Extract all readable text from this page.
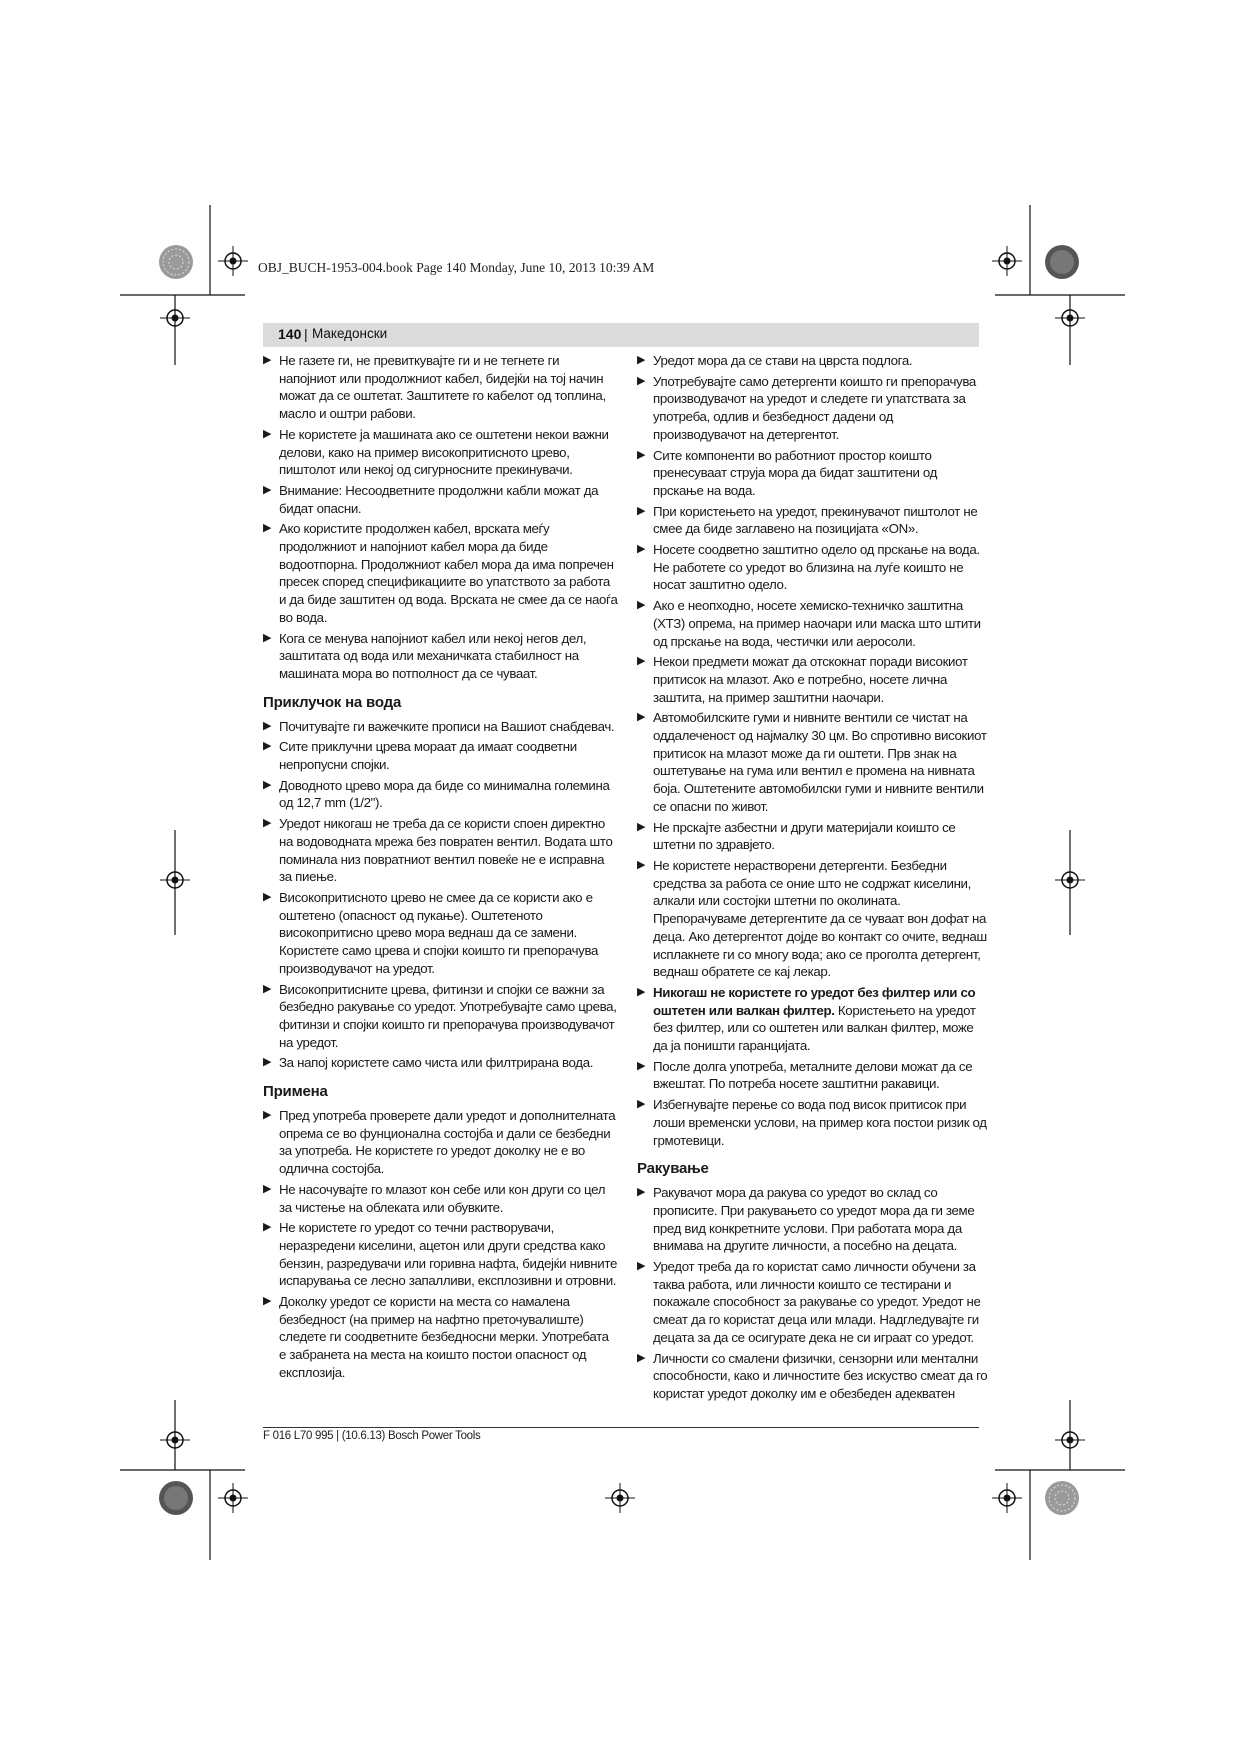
OBJ_BUCH-1953-004.book Page 140 Monday, June 10, 2013 10:39 AM
140 | Македонски
▶ Не газете ги, не превиткувајте ги и не тегнете ги напојниот или продолжниот кабел, бидејќи на тој начин можат да се оштетат. Заштитете го кабелот од топлина, масло и оштри рабови.
▶ Не користете ја машината ако се оштетени некои важни делови, како на пример високопритисното црево, пиштолот или некој од сигурносните прекинувачи.
▶ Внимание: Несоодветните продолжни кабли можат да бидат опасни.
▶ Ако користите продолжен кабел, врската меѓу продолжниот и напојниот кабел мора да биде водоотпорна. Продолжниот кабел мора да има попречен пресек според спецификациите во упатството за работа и да биде заштитен од вода. Врската не смее да се наоѓа во вода.
▶ Кога се менува напојниот кабел или некој негов дел, заштитата од вода или механичката стабилност на машината мора во потполност да се чуваат.
Приклучок на вода
▶ Почитувајте ги важечките прописи на Вашиот снабдевач.
▶ Сите приклучни црева мораат да имаат соодветни непропусни спојки.
▶ Доводното црево мора да биде со минимална големина од 12,7 mm (1/2").
▶ Уредот никогаш не треба да се користи споен директно на водоводната мрежа без повратен вентил. Водата што поминала низ повратниот вентил повеќе не е исправна за пиење.
▶ Високопритисното црево не смее да се користи ако е оштетено (опасност од пукање). Оштетеното високопритисно црево мора веднаш да се замени. Користете само црева и спојки коишто ги препорачува производувачот на уредот.
▶ Високопритисните црева, фитинзи и спојки се важни за безбедно ракување со уредот. Употребувајте само црева, фитинзи и спојки коишто ги препорачува производувачот на уредот.
▶ За напој користете само чиста или филтрирана вода.
Примена
▶ Пред употреба проверете дали уредот и дополнителната опрема се во фунционална состојба и дали се безбедни за употреба. Не користете го уредот доколку не е во одлична состојба.
▶ Не насочувајте го млазот кон себе или кон други со цел за чистење на облеката или обувките.
▶ Не користете го уредот со течни растворувачи, неразредени киселини, ацетон или други средства како бензин, разредувачи или горивна нафта, бидејќи нивните испарувања се лесно запалливи, експлозивни и отровни.
▶ Доколку уредот се користи на места со намалена безбедност (на пример на нафтно преточувалиште) следете ги соодветните безбедносни мерки. Употребата е забранета на места на коишто постои опасност од експлозија.
▶ Уредот мора да се стави на цврста подлога.
▶ Употребувајте само детергенти коишто ги препорачува производувачот на уредот и следете ги упатствата за употреба, одлив и безбедност дадени од производувачот на детергентот.
▶ Сите компоненти во работниот простор коишто пренесуваат струја мора да бидат заштитени од прскање на вода.
▶ При користењето на уредот, прекинувачот пиштолот не смее да биде заглавено на позицијата «ON».
▶ Носете соодветно заштитно одело од прскање на вода. Не работете со уредот во близина на луѓе коишто не носат заштитно одело.
▶ Ако е неопходно, носете хемиско-техничко заштитна (ХТЗ) опрема, на пример наочари или маска што штити од прскање на вода, честички или аеросоли.
▶ Некои предмети можат да отскокнат поради високиот притисок на млазот. Ако е потребно, носете лична заштита, на пример заштитни наочари.
▶ Автомобилските гуми и нивните вентили се чистат на оддалеченост од најмалку 30 цм. Во спротивно високиот притисок на млазот може да ги оштети. Прв знак на оштетување на гума или вентил е промена на нивната боја. Оштетените автомобилски гуми и нивните вентили се опасни по живот.
▶ Не прскајте азбестни и други материјали коишто се штетни по здравјето.
▶ Не користете нерастворени детергенти. Безбедни средства за работа се оние што не содржат киселини, алкали или состојки штетни по околината. Препорачуваме детергентите да се чуваат вон дофат на деца. Ако детергентот дојде во контакт со очите, веднаш исплакнете ги со многу вода; ако се проголта детергент, веднаш обратете се кај лекар.
▶ Никогаш не користете го уредот без филтер или со оштетен или валкан филтер. Користењето на уредот без филтер, или со оштетен или валкан филтер, може да ја поништи гаранцијата.
▶ После долга употреба, металните делови можат да се вжештат. По потреба носете заштитни ракавици.
▶ Избегнувајте перење со вода под висок притисок при лоши временски услови, на пример кога постои ризик од грмотевици.
Ракување
▶ Ракувачот мора да ракува со уредот во склад со прописите. При ракувањето со уредот мора да ги земе пред вид конкретните услови. При работата мора да внимава на другите личности, а посебно на децата.
▶ Уредот треба да го користат само личности обучени за таква работа, или личности коишто се тестирани и покажале способност за ракување со уредот. Уредот не смеат да го користат деца или млади. Надгледувајте ги децата за да се осигурате дека не си играат со уредот.
▶ Личности со смалени физички, сензорни или ментални способности, како и личностите без искуство смеат да го користат уредот доколку им е обезбеден адекватен
F 016 L70 995 | (10.6.13) Bosch Power Tools
